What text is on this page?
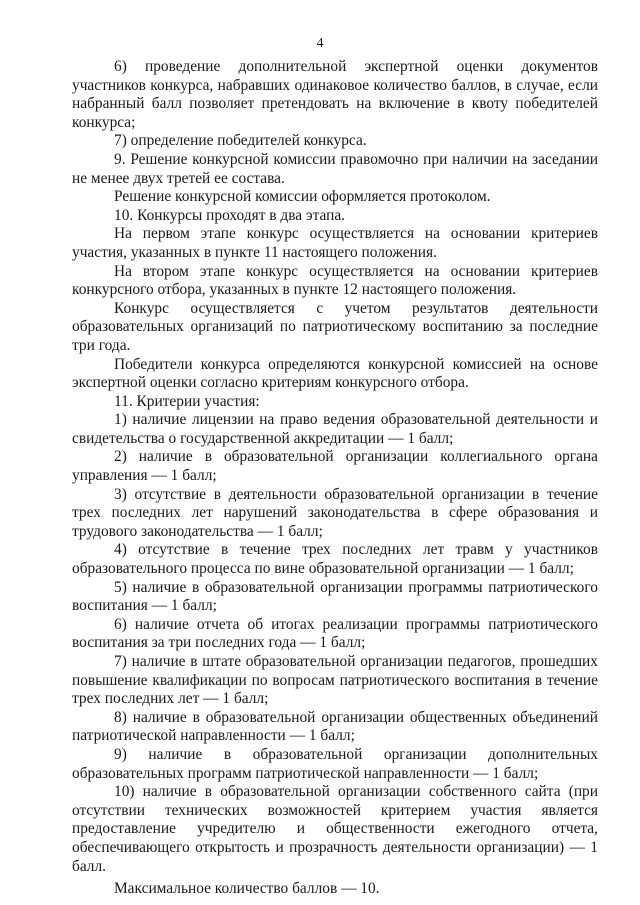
4

6) проведение дополнительной экспертной оценки документов участников конкурса, набравших одинаковое количество баллов, в случае, если набранный балл позволяет претендовать на включение в квоту победителей конкурса;

7) определение победителей конкурса.

9. Решение конкурсной комиссии правомочно при наличии на заседании не менее двух третей ее состава.

Решение конкурсной комиссии оформляется протоколом.

10. Конкурсы проходят в два этапа.

На первом этапе конкурс осуществляется на основании критериев участия, указанных в пункте 11 настоящего положения.

На втором этапе конкурс осуществляется на основании критериев конкурсного отбора, указанных в пункте 12 настоящего положения.

Конкурс осуществляется с учетом результатов деятельности образовательных организаций по патриотическому воспитанию за последние три года.

Победители конкурса определяются конкурсной комиссией на основе экспертной оценки согласно критериям конкурсного отбора.

11. Критерии участия:

1) наличие лицензии на право ведения образовательной деятельности и свидетельства о государственной аккредитации — 1 балл;

2) наличие в образовательной организации коллегиального органа управления — 1 балл;

3) отсутствие в деятельности образовательной организации в течение трех последних лет нарушений законодательства в сфере образования и трудового законодательства — 1 балл;

4) отсутствие в течение трех последних лет травм у участников образовательного процесса по вине образовательной организации — 1 балл;

5) наличие в образовательной организации программы патриотического воспитания — 1 балл;

6) наличие отчета об итогах реализации программы патриотического воспитания за три последних года — 1 балл;

7) наличие в штате образовательной организации педагогов, прошедших повышение квалификации по вопросам патриотического воспитания в течение трех последних лет — 1 балл;

8) наличие в образовательной организации общественных объединений патриотической направленности — 1 балл;

9) наличие в образовательной организации дополнительных образовательных программ патриотической направленности — 1 балл;

10) наличие в образовательной организации собственного сайта (при отсутствии технических возможностей критерием участия является предоставление учредителю и общественности ежегодного отчета, обеспечивающего открытость и прозрачность деятельности организации) — 1 балл.

Максимальное количество баллов — 10.
